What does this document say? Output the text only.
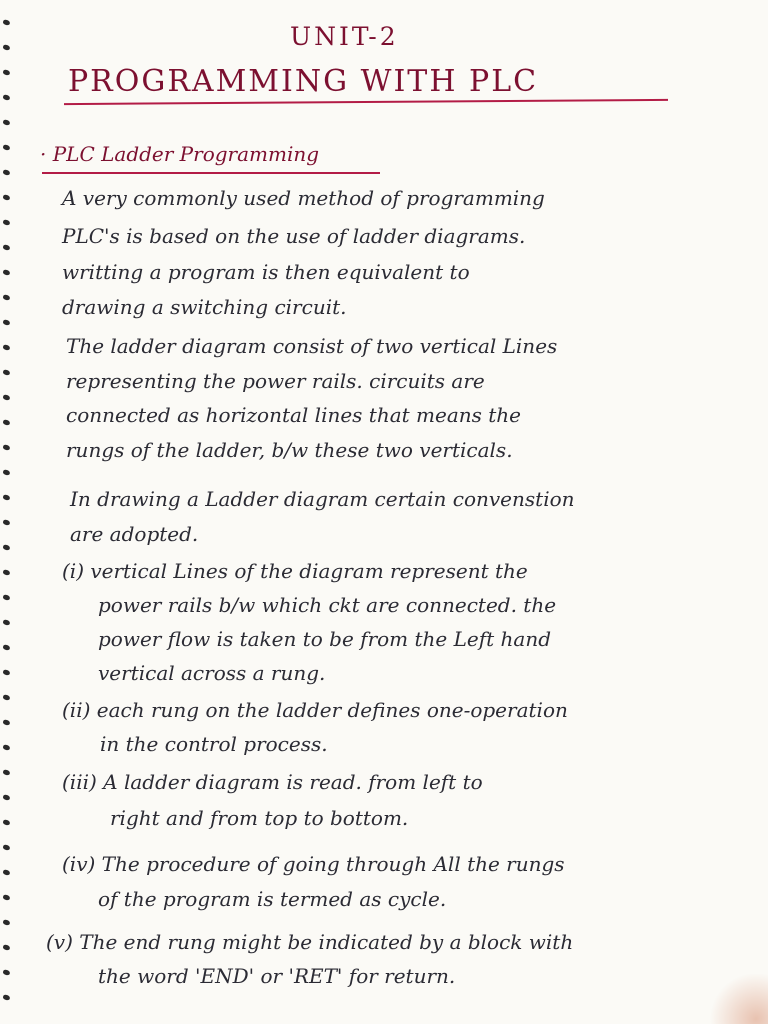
UNIT-2
PROGRAMMING WITH PLC
· PLC Ladder Programming
A very commonly used method of programming
PLC's is based on the use of ladder diagrams.
writting a program is then equivalent to
drawing a switching circuit.
The ladder diagram consist of two vertical Lines
representing the power rails. circuits are
connected as horizontal lines that means the
rungs of the ladder, b/w these two verticals.
In drawing a Ladder diagram certain convenstion
are adopted.
(i) vertical Lines of the diagram represent the
power rails b/w which ckt are connected. the
power flow is taken to be from the Left hand
vertical across a rung.
(ii) each rung on the ladder defines one-operation
in the control process.
(iii) A ladder diagram is read. from left to
right and from top to bottom.
(iv) The procedure of going through All the rungs
of the program is termed as cycle.
(v) The end rung might be indicated by a block with
the word 'END' or 'RET' for return.
